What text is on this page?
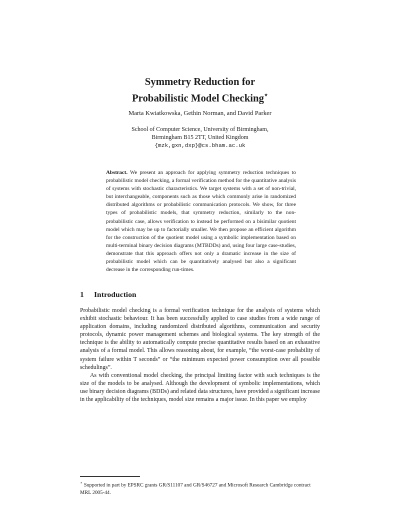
Symmetry Reduction for
Probabilistic Model Checking⋆
Marta Kwiatkowska, Gethin Norman, and David Parker
School of Computer Science, University of Birmingham,
Birmingham B15 2TT, United Kingdom
{mzk,gxn,dxp}@cs.bham.ac.uk
Abstract. We present an approach for applying symmetry reduction techniques to probabilistic model checking, a formal verification method for the quantitative analysis of systems with stochastic characteristics. We target systems with a set of non-trivial, but interchangeable, components such as those which commonly arise in randomized distributed algorithms or probabilistic communication protocols. We show, for three types of probabilistic models, that symmetry reduction, similarly to the non-probabilistic case, allows verification to instead be performed on a bisimilar quotient model which may be up to factorially smaller. We then propose an efficient algorithm for the construction of the quotient model using a symbolic implementation based on multi-terminal binary decision diagrams (MTBDDs) and, using four large case-studies, demonstrate that this approach offers not only a dramatic increase in the size of probabilistic model which can be quantitatively analysed but also a significant decrease in the corresponding run-times.
1 Introduction

Probabilistic model checking is a formal verification technique for the analysis of systems which exhibit stochastic behaviour. It has been successfully applied to case studies from a wide range of application domains, including randomized distributed algorithms, communication and security protocols, dynamic power management schemes and biological systems. The key strength of the technique is the ability to automatically compute precise quantitative results based on an exhaustive analysis of a formal model. This allows reasoning about, for example, “the worst-case probability of system failure within T seconds” or “the minimum expected power consumption over all possible schedulings”.

As with conventional model checking, the principal limiting factor with such techniques is the size of the models to be analysed. Although the development of symbolic implementations, which use binary decision diagrams (BDDs) and related data structures, have provided a significant increase in the applicability of the techniques, model size remains a major issue. In this paper we employ

⋆ Supported in part by EPSRC grants GR/S11107 and GR/S46727 and Microsoft Research Cambridge contract MRL 2005-44.
